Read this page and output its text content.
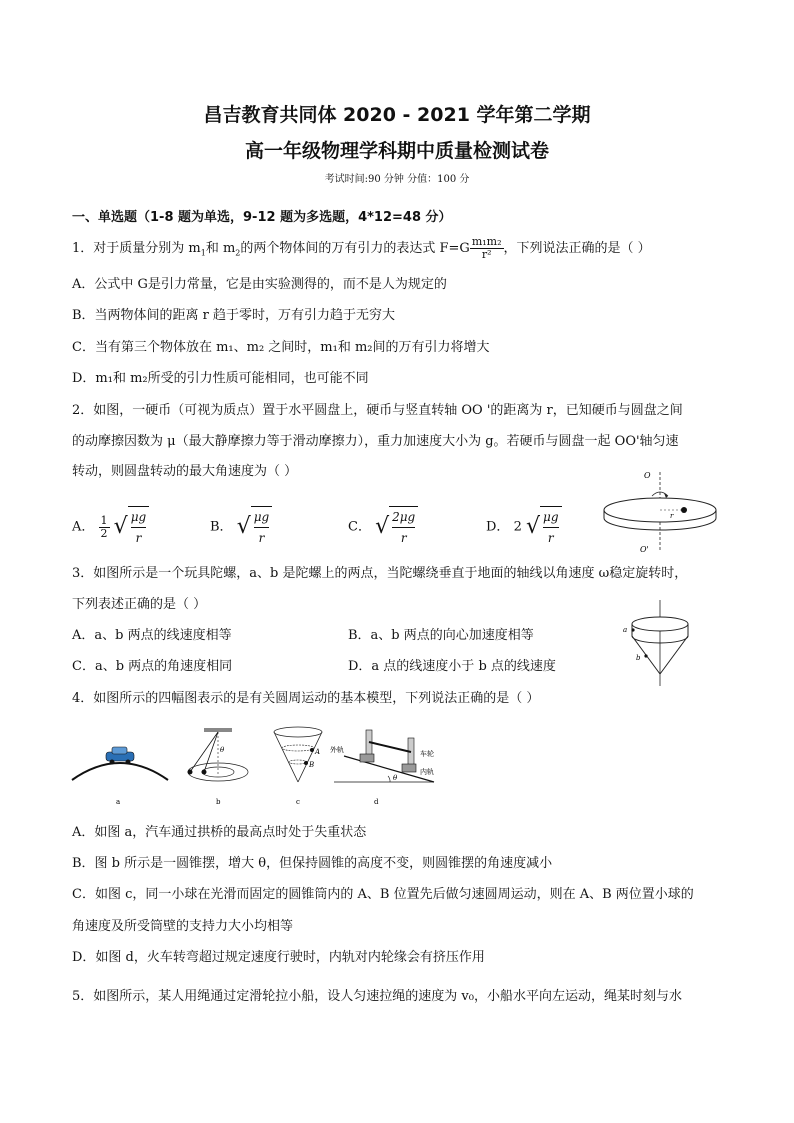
昌吉教育共同体 2020 - 2021 学年第二学期
高一年级物理学科期中质量检测试卷
考试时间:90 分钟 分值：100 分
一、单选题（1-8 题为单选，9-12 题为多选题，4*12=48 分）
1．对于质量分别为 $m_1$和 $m_2$的两个物体间的万有引力的表达式 $F=G \frac{\text{m₁m₂}}{\text{r²}}$ ，下列说法正确的是（ ）
A．公式中 G是引力常量，它是由实验测得的，而不是人为规定的
B．当两物体间的距离 r 趋于零时，万有引力趋于无穷大
C．当有第三个物体放在 m₁、m₂ 之间时，m₁和 m₂间的万有引力将增大
D．m₁和 m₂所受的引力性质可能相同，也可能不同
2．如图，一硬币（可视为质点）置于水平圆盘上，硬币与竖直转轴 OO '的距离为 r，已知硬币与圆盘之间
的动摩擦因数为 μ（最大静摩擦力等于滑动摩擦力），重力加速度大小为 g。若硬币与圆盘一起 OO'轴匀速
转动，则圆盘转动的最大角速度为（ ）
A． $\frac{1}{2}$ √ $\frac{\mu g}{r}$	B． √ $\frac{\mu g}{r}$	C． √ $\frac{2\mu g}{r}$	D． 2 √ $\frac{\mu g}{r}$
O
O'
r
3．如图所示是一个玩具陀螺，a、b 是陀螺上的两点，当陀螺绕垂直于地面的轴线以角速度 ω稳定旋转时，
下列表述正确的是（ ）
A．a、b 两点的线速度相等	B．a、b 两点的向心加速度相等
C．a、b 两点的角速度相同	D．a 点的线速度小于 b 点的线速度
a
b
4．如图所示的四幅图表示的是有关圆周运动的基本模型，下列说法正确的是（ ）
a
θ
b
A
B
c
θ
外轨	车轮
内轨
d
A．如图 a，汽车通过拱桥的最高点时处于失重状态
B．图 b 所示是一圆锥摆，增大 θ，但保持圆锥的高度不变，则圆锥摆的角速度减小
C．如图 c，同一小球在光滑而固定的圆锥筒内的 A、B 位置先后做匀速圆周运动，则在 A、B 两位置小球的
角速度及所受筒壁的支持力大小均相等
D．如图 d，火车转弯超过规定速度行驶时，内轨对内轮缘会有挤压作用
5．如图所示，某人用绳通过定滑轮拉小船，设人匀速拉绳的速度为 v₀，小船水平向左运动，绳某时刻与水
